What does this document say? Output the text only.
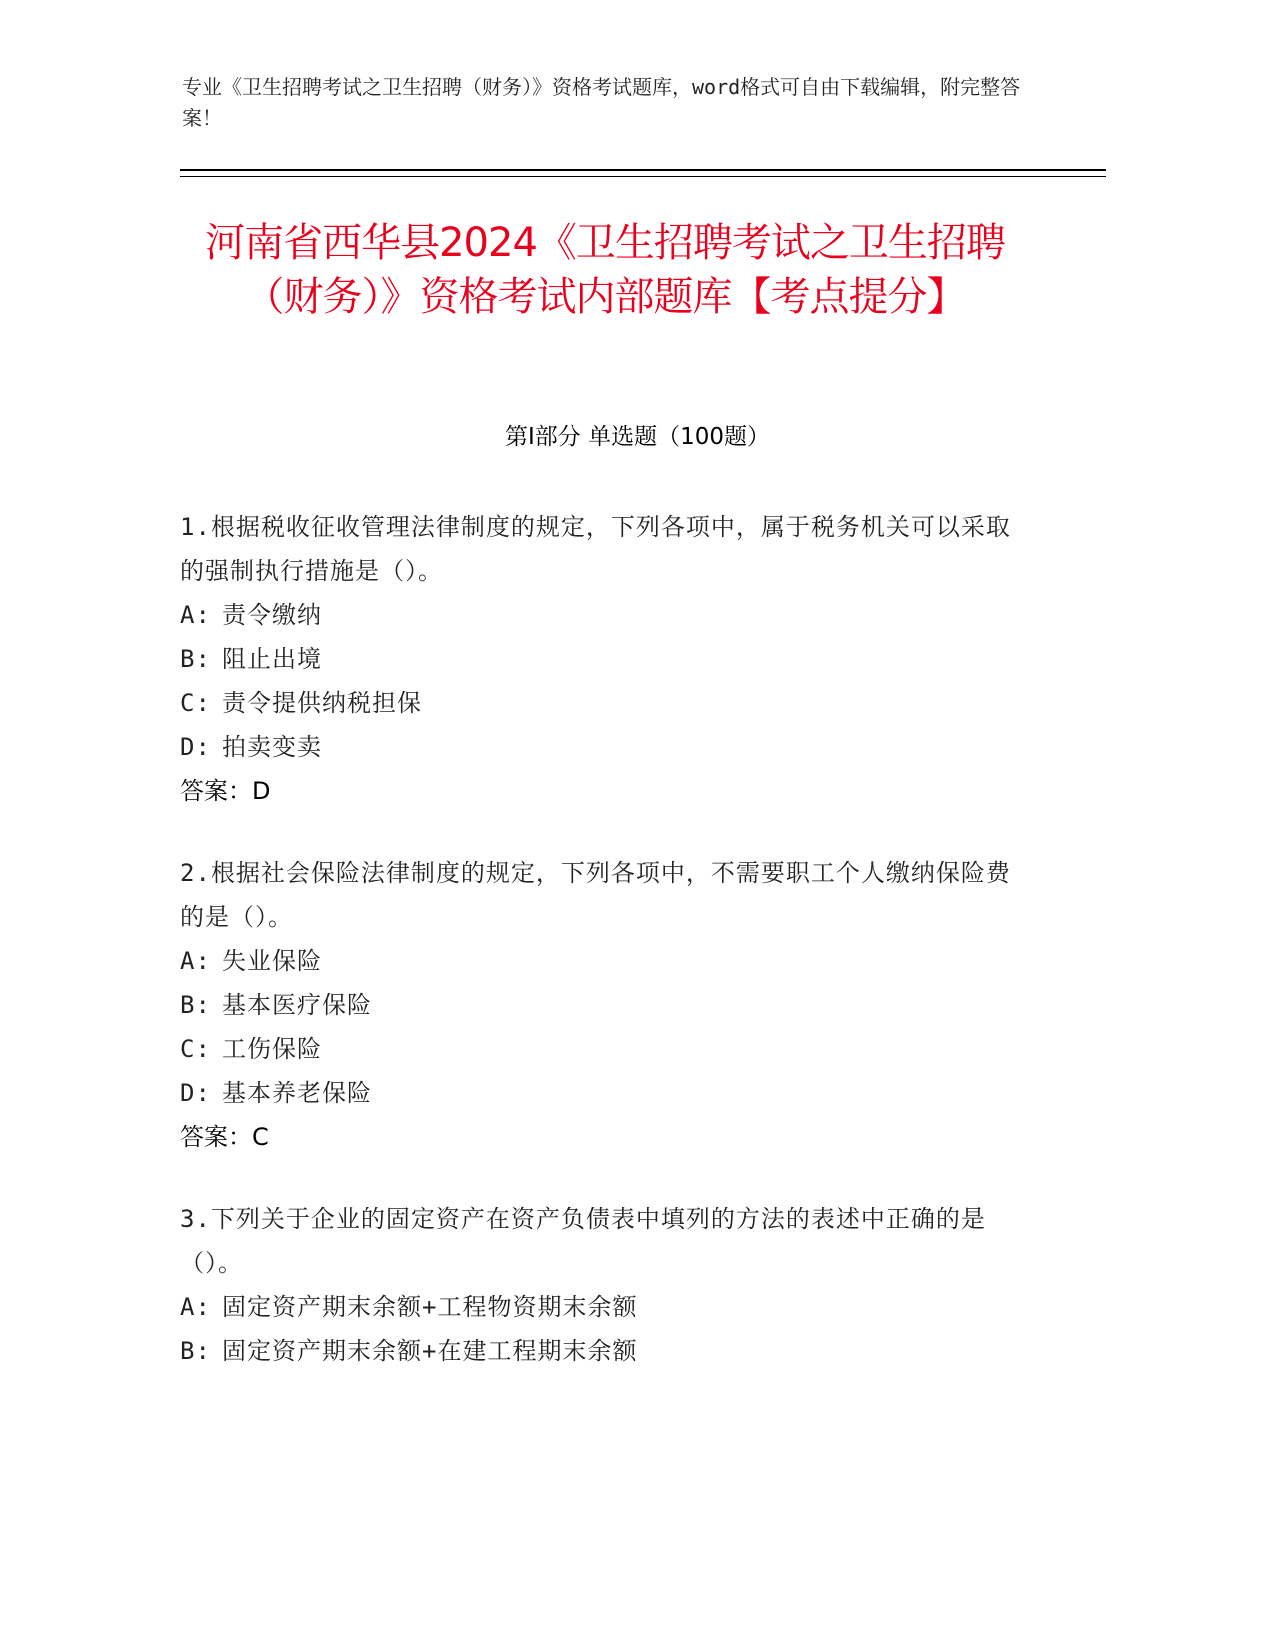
专业《卫生招聘考试之卫生招聘（财务）》资格考试题库，word格式可自由下载编辑，附完整答案！
河南省西华县2024《卫生招聘考试之卫生招聘（财务）》资格考试内部题库【考点提分】
第I部分 单选题（100题）
1.根据税收征收管理法律制度的规定，下列各项中，属于税务机关可以采取的强制执行措施是（）。
A: 责令缴纳
B: 阻止出境
C: 责令提供纳税担保
D: 拍卖变卖
答案：D
2.根据社会保险法律制度的规定，下列各项中，不需要职工个人缴纳保险费的是（）。
A: 失业保险
B: 基本医疗保险
C: 工伤保险
D: 基本养老保险
答案：C
3.下列关于企业的固定资产在资产负债表中填列的方法的表述中正确的是（）。
A: 固定资产期末余额+工程物资期末余额
B: 固定资产期末余额+在建工程期末余额
